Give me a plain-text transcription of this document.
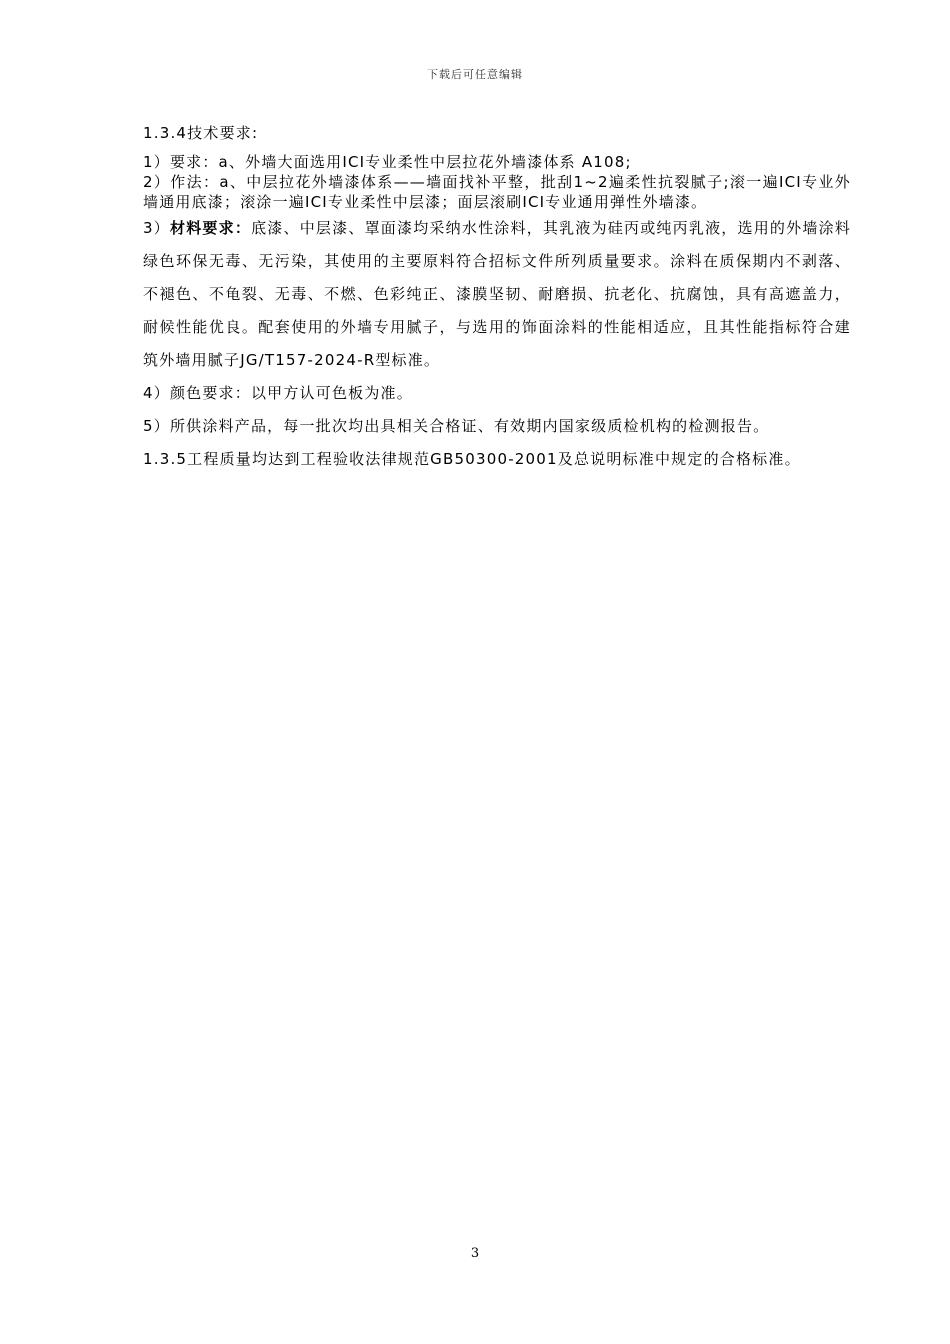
下载后可任意编辑

1.3.4技术要求:

1）要求：a、外墙大面选用ICI专业柔性中层拉花外墙漆体系 A108;

2）作法：a、中层拉花外墙漆体系——墙面找补平整，批刮1~2遍柔性抗裂腻子;滚一遍ICI专业外墙通用底漆；滚涂一遍ICI专业柔性中层漆；面层滚刷ICI专业通用弹性外墙漆。

3）材料要求：底漆、中层漆、罩面漆均采纳水性涂料，其乳液为硅丙或纯丙乳液，选用的外墙涂料绿色环保无毒、无污染，其使用的主要原料符合招标文件所列质量要求。涂料在质保期内不剥落、不褪色、不龟裂、无毒、不燃、色彩纯正、漆膜坚韧、耐磨损、抗老化、抗腐蚀，具有高遮盖力，耐候性能优良。配套使用的外墙专用腻子，与选用的饰面涂料的性能相适应，且其性能指标符合建筑外墙用腻子JG/T157-2024-R型标准。

4）颜色要求：以甲方认可色板为准。

5）所供涂料产品，每一批次均出具相关合格证、有效期内国家级质检机构的检测报告。

1.3.5工程质量均达到工程验收法律规范GB50300-2001及总说明标准中规定的合格标准。

3
